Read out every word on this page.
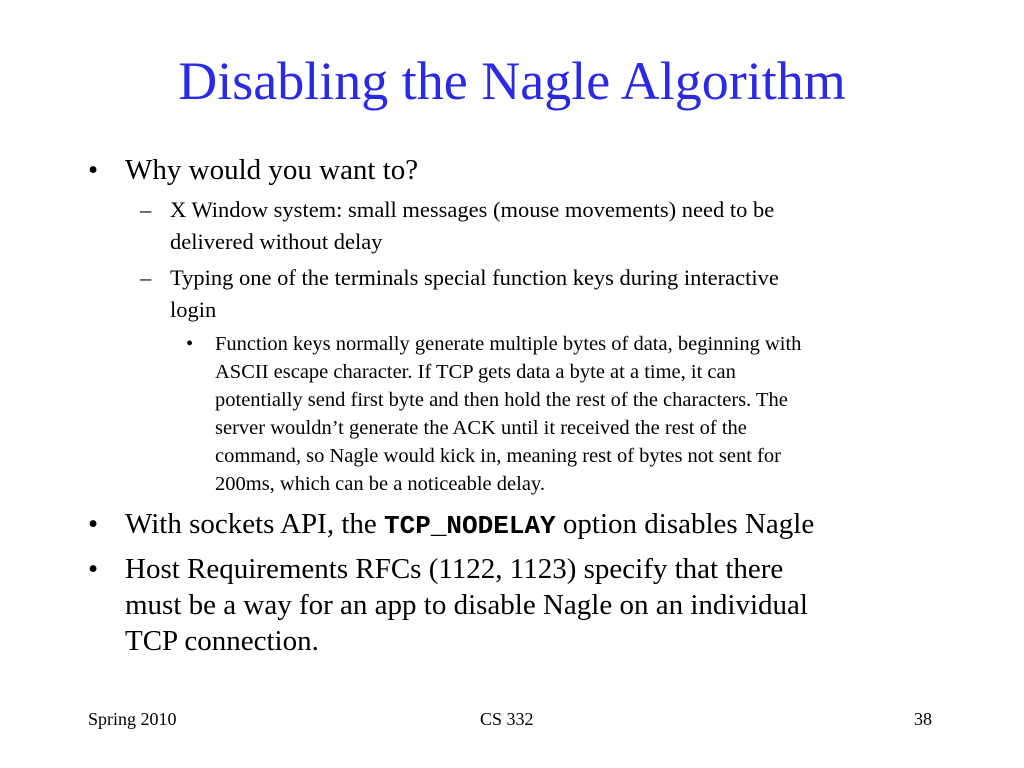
Disabling the Nagle Algorithm
• Why would you want to?
– X Window system: small messages (mouse movements) need to be
delivered without delay
– Typing one of the terminals special function keys during interactive
login
• Function keys normally generate multiple bytes of data, beginning with
ASCII escape character. If TCP gets data a byte at a time, it can
potentially send first byte and then hold the rest of the characters. The
server wouldn’t generate the ACK until it received the rest of the
command, so Nagle would kick in, meaning rest of bytes not sent for
200ms, which can be a noticeable delay.
• With sockets API, the TCP_NODELAY option disables Nagle
• Host Requirements RFCs (1122, 1123) specify that there
must be a way for an app to disable Nagle on an individual
TCP connection.
Spring 2010	CS 332	38
